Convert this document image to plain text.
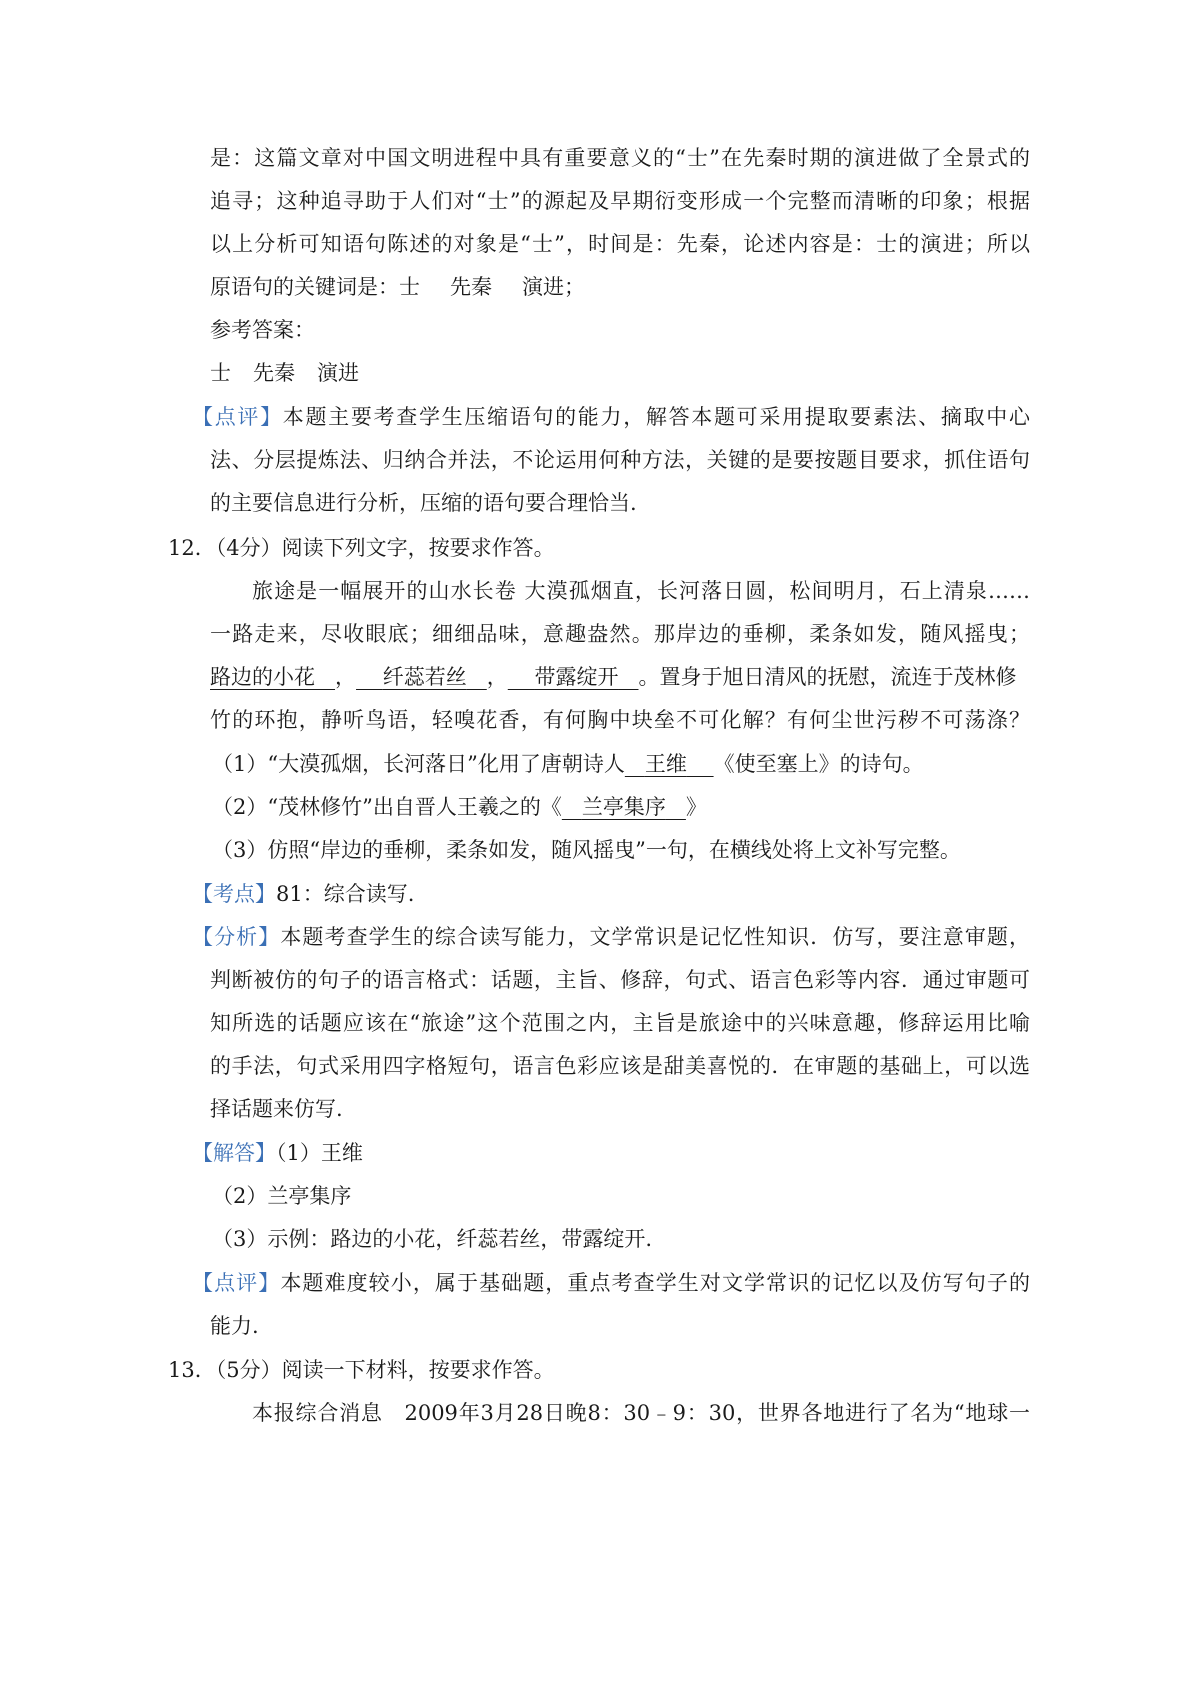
是：这篇文章对中国文明进程中具有重要意义的“士”在先秦时期的演进做了全景式的
追寻；这种追寻助于人们对“士”的源起及早期衍变形成一个完整而清晰的印象；根据
以上分析可知语句陈述的对象是“士”，时间是：先秦，论述内容是：士的演进；所以
原语句的关键词是：士 先秦 演进；
参考答案：
士 先秦 演进
【点评】本题主要考查学生压缩语句的能力，解答本题可采用提取要素法、摘取中心
法、分层提炼法、归纳合并法，不论运用何种方法，关键的是要按题目要求，抓住语句
的主要信息进行分析，压缩的语句要合理恰当.
12．（4分）阅读下列文字，按要求作答。
旅途是一幅展开的山水长卷 大漠孤烟直，长河落日圆，松间明月，石上清泉……
一路走来，尽收眼底；细细品味，意趣盎然。那岸边的垂柳，柔条如发，随风摇曳；
路边的小花 ， 纤蕊若丝 ， 带露绽开 。置身于旭日清风的抚慰，流连于茂林修
竹的环抱，静听鸟语，轻嗅花香，有何胸中块垒不可化解？有何尘世污秽不可荡涤？
（1）“大漠孤烟，长河落日”化用了唐朝诗人 王维 《使至塞上》的诗句。
（2）“茂林修竹”出自晋人王羲之的《 兰亭集序 》
（3）仿照“岸边的垂柳，柔条如发，随风摇曳”一句，在横线处将上文补写完整。
【考点】81：综合读写.
【分析】本题考查学生的综合读写能力，文学常识是记忆性知识．仿写，要注意审题，
判断被仿的句子的语言格式：话题，主旨、修辞，句式、语言色彩等内容．通过审题可
知所选的话题应该在“旅途”这个范围之内，主旨是旅途中的兴味意趣，修辞运用比喻
的手法，句式采用四字格短句，语言色彩应该是甜美喜悦的．在审题的基础上，可以选
择话题来仿写.
【解答】（1）王维
（2）兰亭集序
（3）示例：路边的小花，纤蕊若丝，带露绽开.
【点评】本题难度较小，属于基础题，重点考查学生对文学常识的记忆以及仿写句子的
能力.
13．（5分）阅读一下材料，按要求作答。
本报综合消息　2009年3月28日晚8：30﹣9：30，世界各地进行了名为“地球一
